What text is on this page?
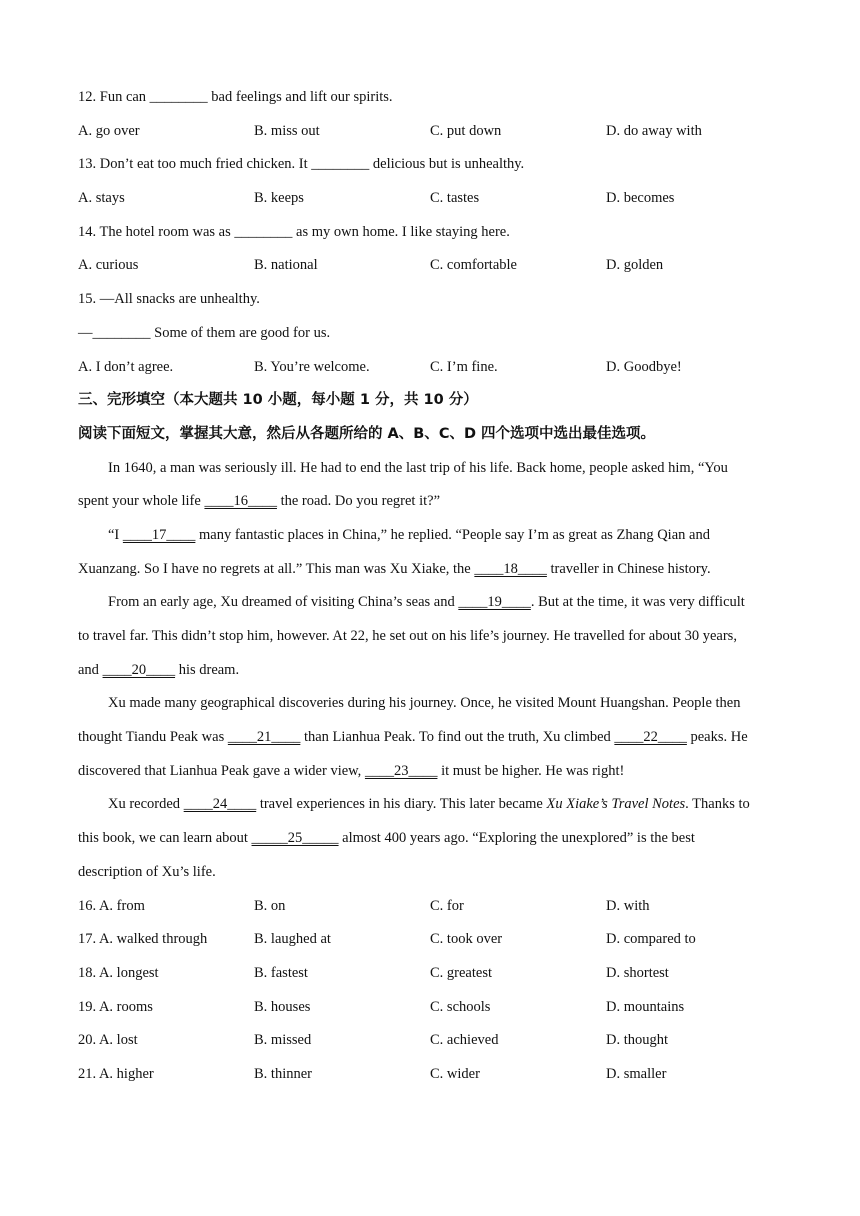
12. Fun can ________ bad feelings and lift our spirits.
A. go over	B. miss out	C. put down	D. do away with
13. Don’t eat too much fried chicken. It ________ delicious but is unhealthy.
A. stays	B. keeps	C. tastes	D. becomes
14. The hotel room was as ________ as my own home. I like staying here.
A. curious	B. national	C. comfortable	D. golden
15. —All snacks are unhealthy.
—________ Some of them are good for us.
A. I don’t agree.	B. You’re welcome.	C. I’m fine.	D. Goodbye!
三、完形填空（本大题共 10 小题，每小题 1 分，共 10 分）
阅读下面短文，掌握其大意，然后从各题所给的 A、B、C、D 四个选项中选出最佳选项。
In 1640, a man was seriously ill. He had to end the last trip of his life. Back home, people asked him, “You
spent your whole life ____16____ the road. Do you regret it?”
“I ____17____ many fantastic places in China,” he replied. “People say I’m as great as Zhang Qian and
Xuanzang. So I have no regrets at all.” This man was Xu Xiake, the ____18____ traveller in Chinese history.
From an early age, Xu dreamed of visiting China’s seas and ____19____. But at the time, it was very difficult
to travel far. This didn’t stop him, however. At 22, he set out on his life’s journey. He travelled for about 30 years,
and ____20____ his dream.
Xu made many geographical discoveries during his journey. Once, he visited Mount Huangshan. People then
thought Tiandu Peak was ____21____ than Lianhua Peak. To find out the truth, Xu climbed ____22____ peaks. He
discovered that Lianhua Peak gave a wider view, ____23____ it must be higher. He was right!
Xu recorded ____24____ travel experiences in his diary. This later became Xu Xiake’s Travel Notes. Thanks to
this book, we can learn about _____25_____ almost 400 years ago. “Exploring the unexplored” is the best
description of Xu’s life.
16. A. from	B. on	C. for	D. with
17. A. walked through	B. laughed at	C. took over	D. compared to
18. A. longest	B. fastest	C. greatest	D. shortest
19. A. rooms	B. houses	C. schools	D. mountains
20. A. lost	B. missed	C. achieved	D. thought
21. A. higher	B. thinner	C. wider	D. smaller
